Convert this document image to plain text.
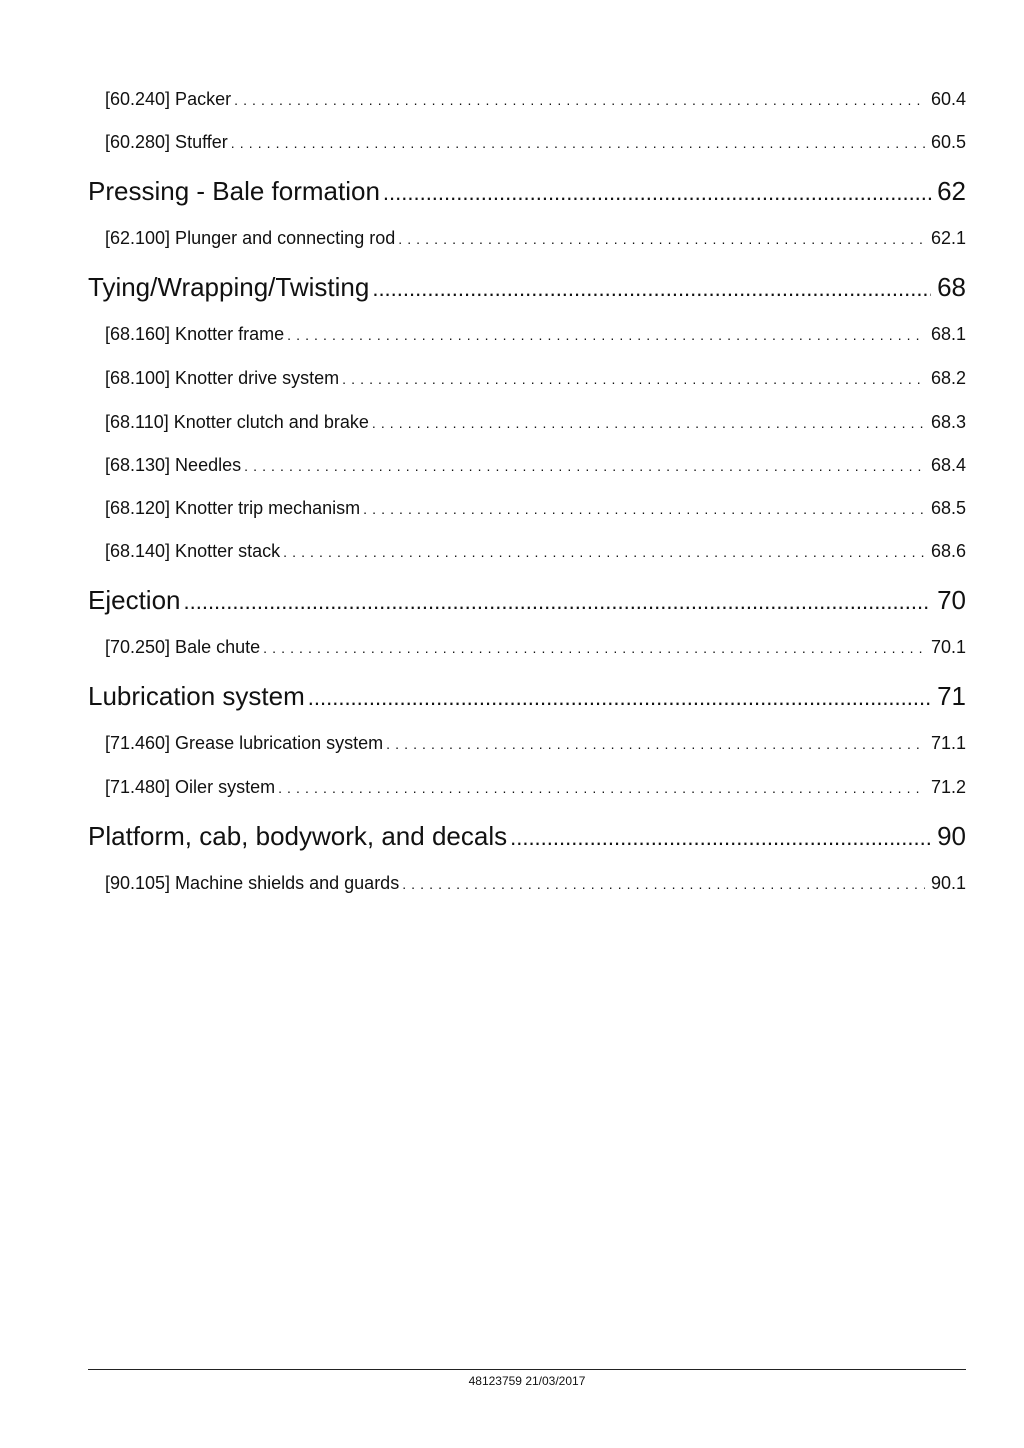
[60.240] Packer . . .	60.4
[60.280] Stuffer . . .	60.5
Pressing - Bale formation .....	62
[62.100] Plunger and connecting rod . . .	62.1
Tying/Wrapping/Twisting .....	68
[68.160] Knotter frame . . .	68.1
[68.100] Knotter drive system . . .	68.2
[68.110] Knotter clutch and brake . . .	68.3
[68.130] Needles . . .	68.4
[68.120] Knotter trip mechanism . . .	68.5
[68.140] Knotter stack . . .	68.6
Ejection .....	70
[70.250] Bale chute . . .	70.1
Lubrication system .....	71
[71.460] Grease lubrication system . . .	71.1
[71.480] Oiler system . . .	71.2
Platform, cab, bodywork, and decals .....	90
[90.105] Machine shields and guards . . .	90.1
48123759 21/03/2017
